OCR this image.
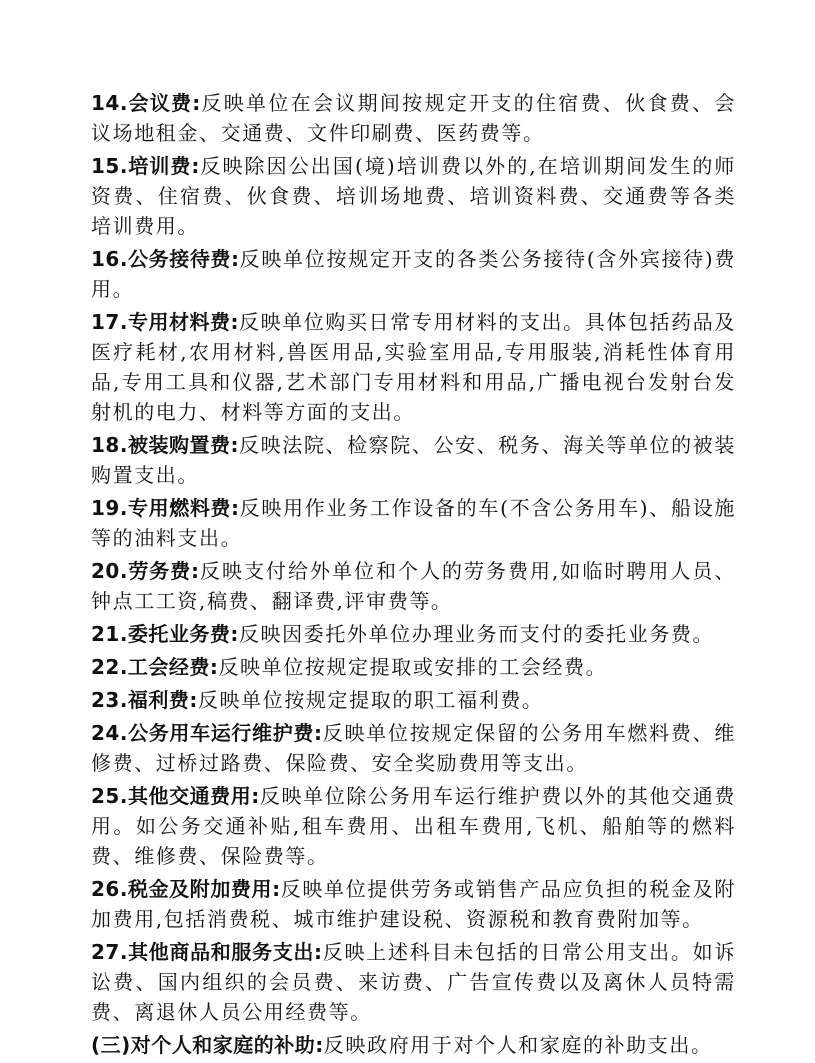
14.会议费:反映单位在会议期间按规定开支的住宿费、伙食费、会议场地租金、交通费、文件印刷费、医药费等。

15.培训费:反映除因公出国(境)培训费以外的,在培训期间发生的师资费、住宿费、伙食费、培训场地费、培训资料费、交通费等各类培训费用。

16.公务接待费:反映单位按规定开支的各类公务接待(含外宾接待)费用。

17.专用材料费:反映单位购买日常专用材料的支出。具体包括药品及医疗耗材,农用材料,兽医用品,实验室用品,专用服装,消耗性体育用品,专用工具和仪器,艺术部门专用材料和用品,广播电视台发射台发射机的电力、材料等方面的支出。

18.被装购置费:反映法院、检察院、公安、税务、海关等单位的被装购置支出。

19.专用燃料费:反映用作业务工作设备的车(不含公务用车)、船设施等的油料支出。

20.劳务费:反映支付给外单位和个人的劳务费用,如临时聘用人员、钟点工工资,稿费、翻译费,评审费等。

21.委托业务费:反映因委托外单位办理业务而支付的委托业务费。

22.工会经费:反映单位按规定提取或安排的工会经费。

23.福利费:反映单位按规定提取的职工福利费。

24.公务用车运行维护费:反映单位按规定保留的公务用车燃料费、维修费、过桥过路费、保险费、安全奖励费用等支出。

25.其他交通费用:反映单位除公务用车运行维护费以外的其他交通费用。如公务交通补贴,租车费用、出租车费用,飞机、船舶等的燃料费、维修费、保险费等。

26.税金及附加费用:反映单位提供劳务或销售产品应负担的税金及附加费用,包括消费税、城市维护建设税、资源税和教育费附加等。

27.其他商品和服务支出:反映上述科目未包括的日常公用支出。如诉讼费、国内组织的会员费、来访费、广告宣传费以及离休人员特需费、离退休人员公用经费等。

(三)对个人和家庭的补助:反映政府用于对个人和家庭的补助支出。
